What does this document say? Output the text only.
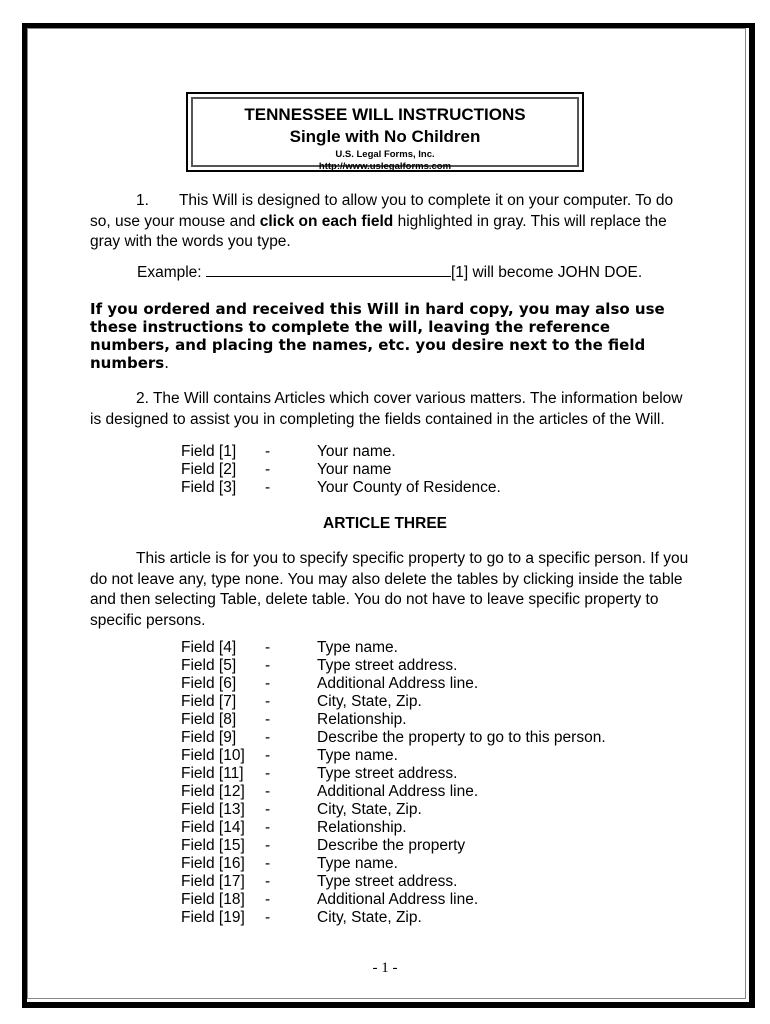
TENNESSEE WILL INSTRUCTIONS
Single with No Children
U.S. Legal Forms, Inc.
http://www.uslegalforms.com
1. This Will is designed to allow you to complete it on your computer. To do so, use your mouse and click on each field highlighted in gray. This will replace the gray with the words you type.
Example:	[1] will become JOHN DOE.
If you ordered and received this Will in hard copy, you may also use these instructions to complete the will, leaving the reference numbers, and placing the names, etc. you desire next to the field numbers.
2. The Will contains Articles which cover various matters. The information below is designed to assist you in completing the fields contained in the articles of the Will.
Field [1]	-	Your name.
Field [2]	-	Your name
Field [3]	-	Your County of Residence.
ARTICLE THREE
This article is for you to specify specific property to go to a specific person. If you do not leave any, type none. You may also delete the tables by clicking inside the table and then selecting Table, delete table. You do not have to leave specific property to specific persons.
Field [4]	-	Type name.
Field [5]	-	Type street address.
Field [6]	-	Additional Address line.
Field [7]	-	City, State, Zip.
Field [8]	-	Relationship.
Field [9]	-	Describe the property to go to this person.
Field [10]	-	Type name.
Field [11]	-	Type street address.
Field [12]	-	Additional Address line.
Field [13]	-	City, State, Zip.
Field [14]	-	Relationship.
Field [15]	-	Describe the property
Field [16]	-	Type name.
Field [17]	-	Type street address.
Field [18]	-	Additional Address line.
Field [19]	-	City, State, Zip.
- 1 -
